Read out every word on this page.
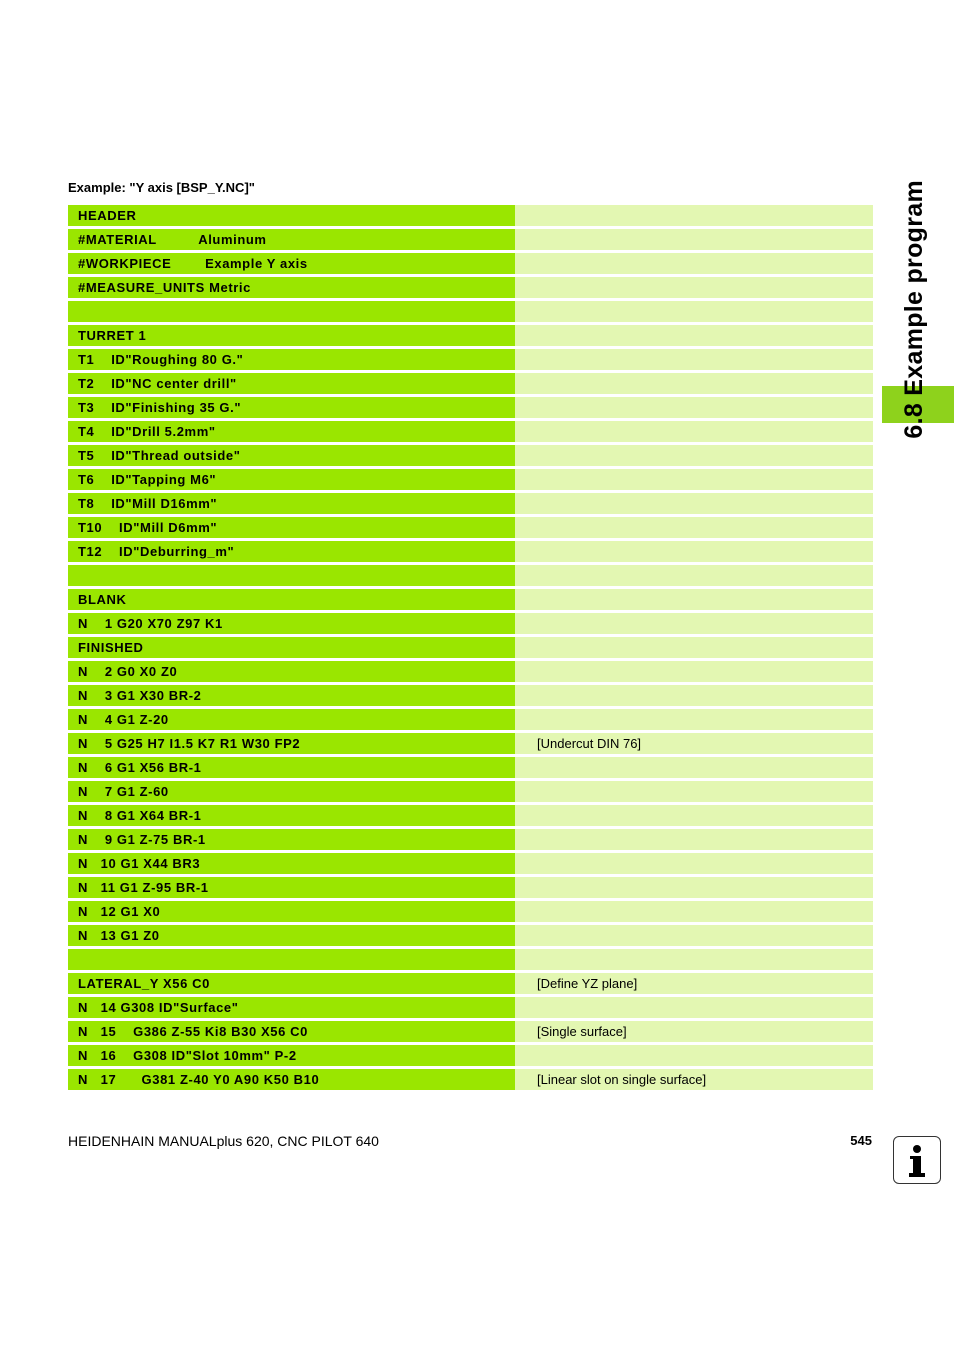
Example: "Y axis [BSP_Y.NC]"
HEADER
#MATERIAL          Aluminum
#WORKPIECE        Example Y axis
#MEASURE_UNITS Metric
TURRET 1
T1    ID"Roughing 80 G."
T2    ID"NC center drill"
T3    ID"Finishing 35 G."
T4    ID"Drill 5.2mm"
T5    ID"Thread outside"
T6    ID"Tapping M6"
T8    ID"Mill D16mm"
T10    ID"Mill D6mm"
T12    ID"Deburring_m"
BLANK
N    1 G20 X70 Z97 K1
FINISHED
N    2 G0 X0 Z0
N    3 G1 X30 BR-2
N    4 G1 Z-20
N    5 G25 H7 I1.5 K7 R1 W30 FP2	[Undercut DIN 76]
N    6 G1 X56 BR-1
N    7 G1 Z-60
N    8 G1 X64 BR-1
N    9 G1 Z-75 BR-1
N   10 G1 X44 BR3
N   11 G1 Z-95 BR-1
N   12 G1 X0
N   13 G1 Z0
LATERAL_Y X56 C0	[Define YZ plane]
N   14 G308 ID"Surface"
N   15    G386 Z-55 Ki8 B30 X56 C0	[Single surface]
N   16    G308 ID"Slot 10mm" P-2
N   17      G381 Z-40 Y0 A90 K50 B10	[Linear slot on single surface]
6.8 Example program
HEIDENHAIN MANUALplus 620, CNC PILOT 640	545
